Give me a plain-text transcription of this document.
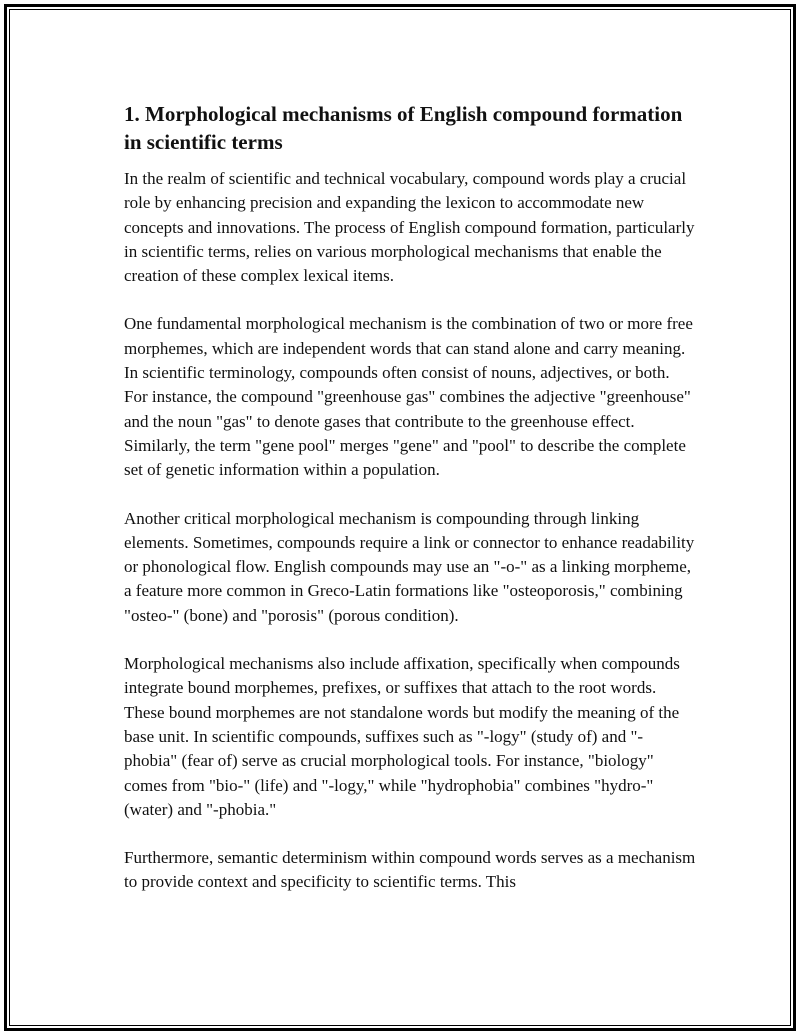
1. Morphological mechanisms of English compound formation in scientific terms

In the realm of scientific and technical vocabulary, compound words play a crucial role by enhancing precision and expanding the lexicon to accommodate new concepts and innovations. The process of English compound formation, particularly in scientific terms, relies on various morphological mechanisms that enable the creation of these complex lexical items.

One fundamental morphological mechanism is the combination of two or more free morphemes, which are independent words that can stand alone and carry meaning. In scientific terminology, compounds often consist of nouns, adjectives, or both. For instance, the compound "greenhouse gas" combines the adjective "greenhouse" and the noun "gas" to denote gases that contribute to the greenhouse effect. Similarly, the term "gene pool" merges "gene" and "pool" to describe the complete set of genetic information within a population.

Another critical morphological mechanism is compounding through linking elements. Sometimes, compounds require a link or connector to enhance readability or phonological flow. English compounds may use an "-o-" as a linking morpheme, a feature more common in Greco-Latin formations like "osteoporosis," combining "osteo-" (bone) and "porosis" (porous condition).

Morphological mechanisms also include affixation, specifically when compounds integrate bound morphemes, prefixes, or suffixes that attach to the root words. These bound morphemes are not standalone words but modify the meaning of the base unit. In scientific compounds, suffixes such as "-logy" (study of) and "-phobia" (fear of) serve as crucial morphological tools. For instance, "biology" comes from "bio-" (life) and "-logy," while "hydrophobia" combines "hydro-" (water) and "-phobia."

Furthermore, semantic determinism within compound words serves as a mechanism to provide context and specificity to scientific terms. This
